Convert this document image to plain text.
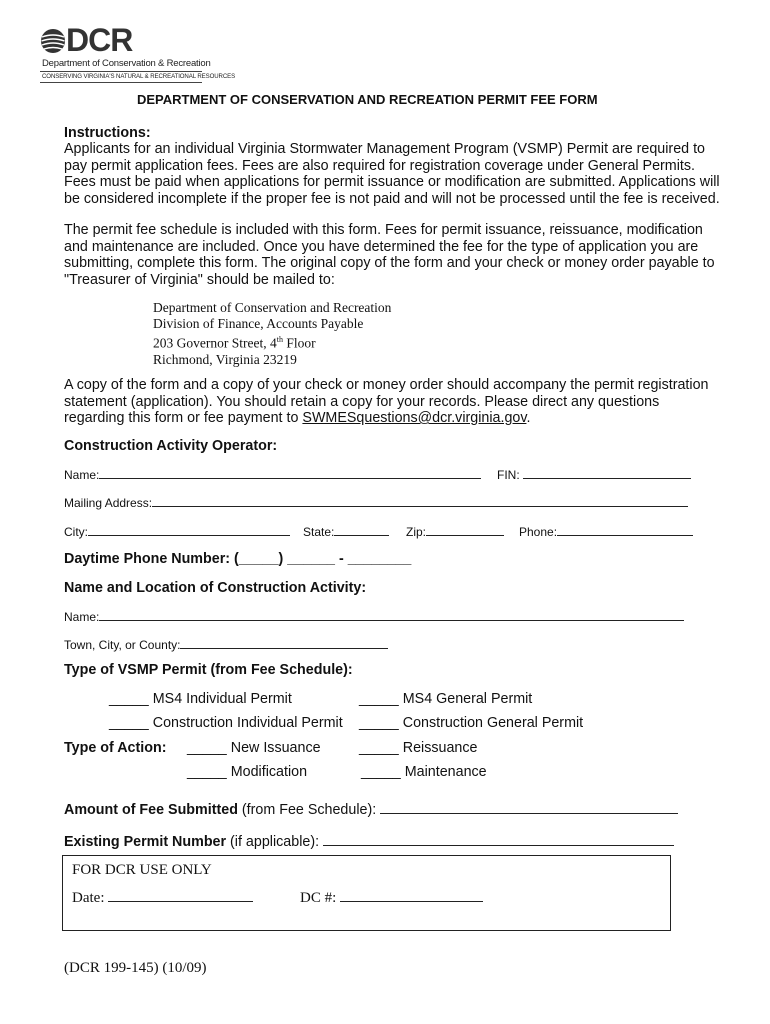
DCR
Department of Conservation & Recreation
CONSERVING VIRGINIA'S NATURAL & RECREATIONAL RESOURCES
DEPARTMENT OF CONSERVATION AND RECREATION PERMIT FEE FORM
Instructions:
Applicants for an individual Virginia Stormwater Management Program (VSMP) Permit are required to
pay permit application fees. Fees are also required for registration coverage under General Permits.
Fees must be paid when applications for permit issuance or modification are submitted. Applications will
be considered incomplete if the proper fee is not paid and will not be processed until the fee is received.
The permit fee schedule is included with this form. Fees for permit issuance, reissuance, modification
and maintenance are included. Once you have determined the fee for the type of application you are
submitting, complete this form. The original copy of the form and your check or money order payable to
"Treasurer of Virginia" should be mailed to:
Department of Conservation and Recreation
Division of Finance, Accounts Payable
203 Governor Street, 4th Floor
Richmond, Virginia 23219
A copy of the form and a copy of your check or money order should accompany the permit registration
statement (application). You should retain a copy for your records. Please direct any questions
regarding this form or fee payment to SWMESquestions@dcr.virginia.gov.
Construction Activity Operator:
Name:	FIN:
Mailing Address:
City:	State:	Zip:	Phone:
Daytime Phone Number: (_____) ______ - ________
Name and Location of Construction Activity:
Name:
Town, City, or County:
Type of VSMP Permit (from Fee Schedule):
_____ MS4 Individual Permit	_____ MS4 General Permit
_____ Construction Individual Permit _____ Construction General Permit
Type of Action: _____ New Issuance	_____ Reissuance
_____ Modification	_____ Maintenance
Amount of Fee Submitted (from Fee Schedule):
Existing Permit Number (if applicable):
FOR DCR USE ONLY
Date:	DC #:
(DCR 199-145) (10/09)
